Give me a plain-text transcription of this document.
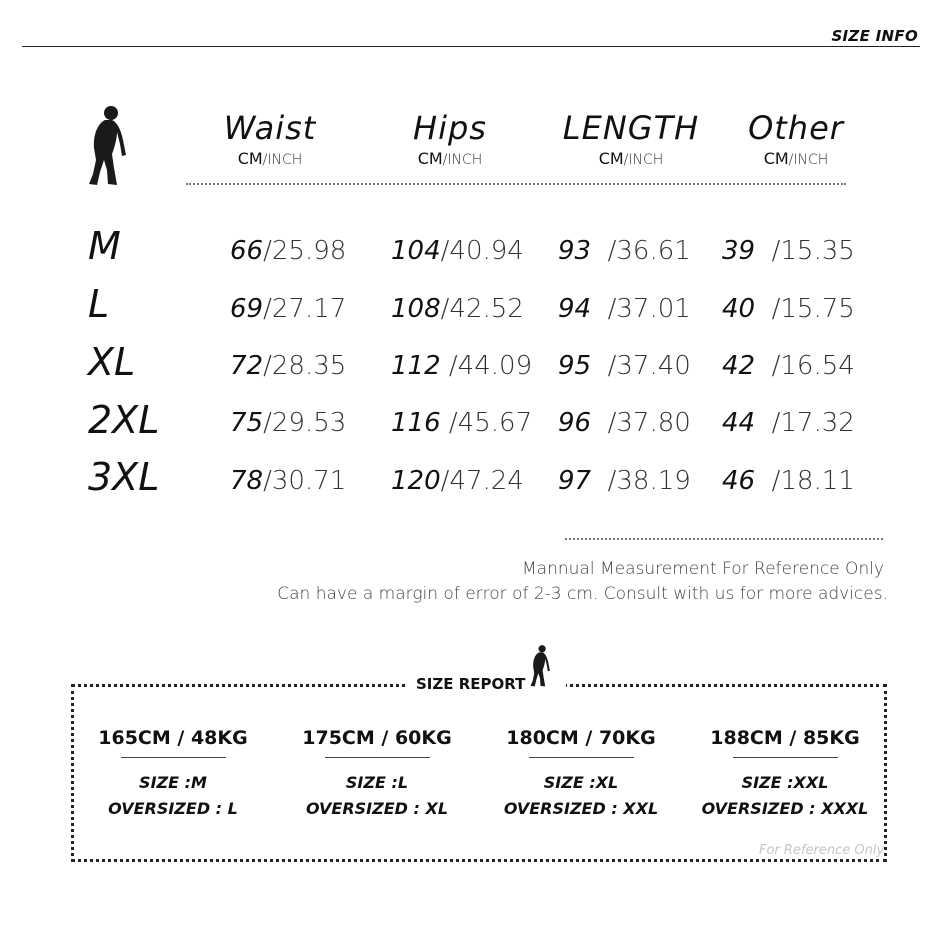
SIZE INFO
Waist
CM/INCH
Hips
CM/INCH
LENGTH
CM/INCH
Other
CM/INCH
M	66/25.98 104/40.94 93  /36.61 39  /15.35
L	69/27.17 108/42.52 94  /37.01 40  /15.75
XL	72/28.35 112 /44.09 95  /37.40 42  /16.54
2XL	75/29.53 116 /45.67 96  /37.80 44  /17.32
3XL	78/30.71 120/47.24 97  /38.19 46  /18.11
Mannual Measurement For Reference Only
Can have a margin of error of 2-3 cm. Consult with us for more advices.
SIZE REPORT
165CM / 48KG
SIZE :M
OVERSIZED : L
175CM / 60KG
SIZE :L
OVERSIZED : XL
180CM / 70KG
SIZE :XL
OVERSIZED : XXL
188CM / 85KG
SIZE :XXL
OVERSIZED : XXXL
For Reference Only
